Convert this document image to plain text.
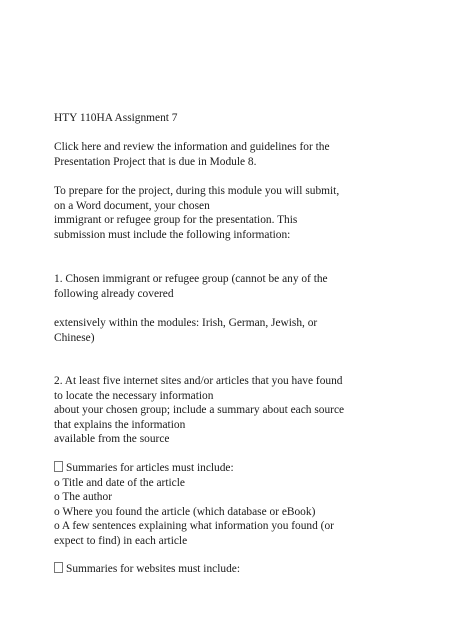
HTY 110HA Assignment 7
Click here and review the information and guidelines for the
Presentation Project that is due in Module 8.
To prepare for the project, during this module you will submit,
on a Word document, your chosen
immigrant or refugee group for the presentation. This
submission must include the following information:
1. Chosen immigrant or refugee group (cannot be any of the
following already covered
extensively within the modules: Irish, German, Jewish, or
Chinese)
2. At least five internet sites and/or articles that you have found
to locate the necessary information
about your chosen group; include a summary about each source
that explains the information
available from the source
Summaries for articles must include:
o Title and date of the article
o The author
o Where you found the article (which database or eBook)
o A few sentences explaining what information you found (or
expect to find) in each article
Summaries for websites must include:
